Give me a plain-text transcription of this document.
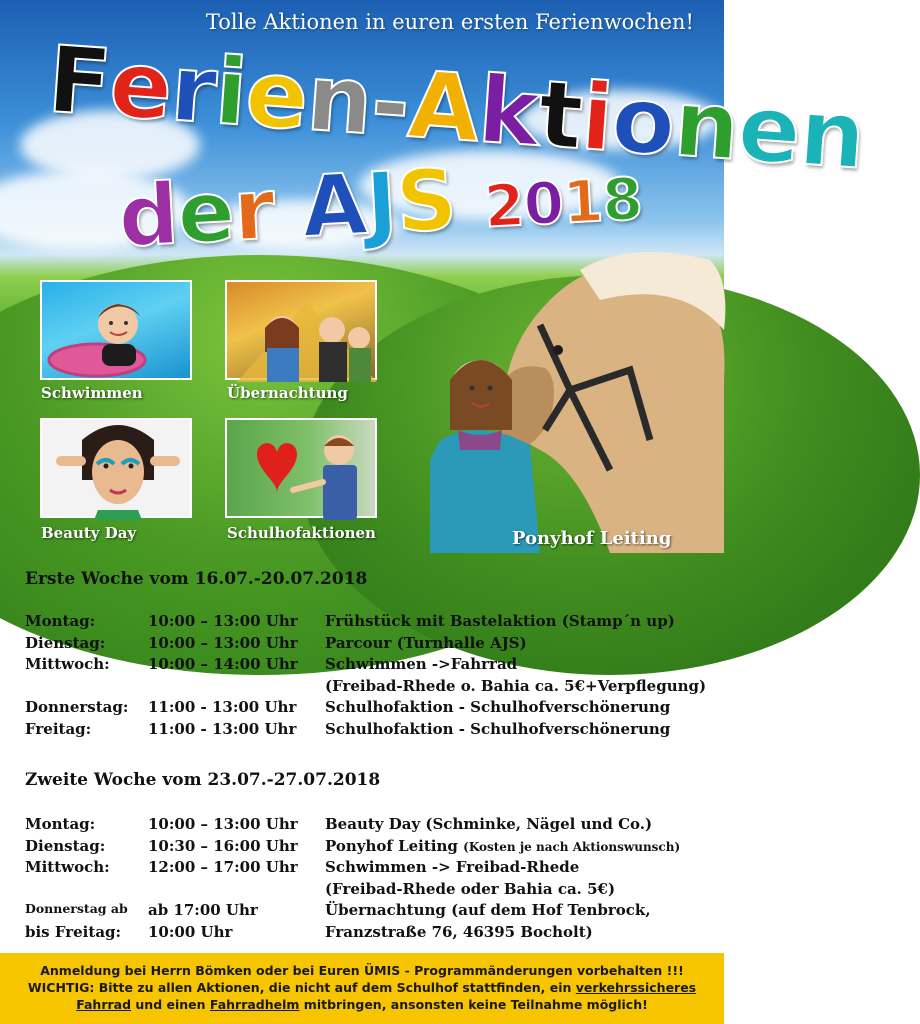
Tolle Aktionen in euren ersten Ferienwochen!
Ferien-Aktionen
der AJS 2018
Schwimmen	Übernachtung
Beauty Day	Schulhofaktionen	Ponyhof Leiting
Erste Woche vom 16.07.-20.07.2018
Montag:	10:00 – 13:00 Uhr Frühstück mit Bastelaktion (Stamp´n up)
Dienstag:	10:00 – 13:00 Uhr Parcour (Turnhalle AJS)
Mittwoch:	10:00 – 14:00 Uhr Schwimmen ->Fahrrad
(Freibad-Rhede o. Bahia ca. 5€+Verpflegung)
Donnerstag: 11:00 - 13:00 Uhr Schulhofaktion - Schulhofverschönerung
Freitag:	11:00 - 13:00 Uhr Schulhofaktion - Schulhofverschönerung
Zweite Woche vom 23.07.-27.07.2018
Montag:	10:00 – 13:00 Uhr Beauty Day (Schminke, Nägel und Co.)
Dienstag:	10:30 – 16:00 Uhr Ponyhof Leiting (Kosten je nach Aktionswunsch)
Mittwoch:	12:00 – 17:00 Uhr Schwimmen -> Freibad-Rhede
(Freibad-Rhede oder Bahia ca. 5€)
Donnerstag ab ab 17:00 Uhr	Übernachtung (auf dem Hof Tenbrock,
bis Freitag: 10:00 Uhr	Franzstraße 76, 46395 Bocholt)
Anmeldung bei Herrn Bömken oder bei Euren ÜMIS - Programmänderungen vorbehalten !!!
WICHTIG: Bitte zu allen Aktionen, die nicht auf dem Schulhof stattfinden, ein verkehrssicheres
Fahrrad und einen Fahrradhelm mitbringen, ansonsten keine Teilnahme möglich!
